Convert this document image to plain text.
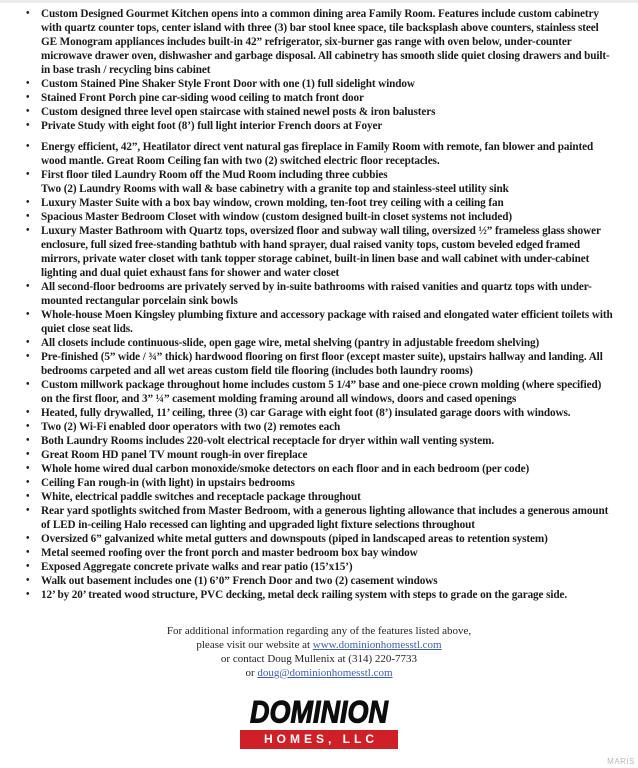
•	Custom Designed Gourmet Kitchen opens into a common dining area Family Room. Features include custom cabinetry with quartz counter tops, center island with three (3) bar stool knee space, tile backsplash above counters, stainless steel GE Monogram appliances includes built-in 42” refrigerator, six-burner gas range with oven below, under-counter microwave drawer oven, dishwasher and garbage disposal. All cabinetry has smooth slide quiet closing drawers and built-in base trash / recycling bins cabinet
•	Custom Stained Pine Shaker Style Front Door with one (1) full sidelight window
•	Stained Front Porch pine car-siding wood ceiling to match front door
•	Custom designed three level open staircase with stained newel posts & iron balusters
•	Private Study with eight foot (8’) full light interior French doors at Foyer
•	Energy efficient, 42”, Heatilator direct vent natural gas fireplace in Family Room with remote, fan blower and painted wood mantle. Great Room Ceiling fan with two (2) switched electric floor receptacles.
•	First floor tiled Laundry Room off the Mud Room including three cubbies
Two (2) Laundry Rooms with wall & base cabinetry with a granite top and stainless-steel utility sink
•	Luxury Master Suite with a box bay window, crown molding, ten-foot trey ceiling with a ceiling fan
•	Spacious Master Bedroom Closet with window (custom designed built-in closet systems not included)
•	Luxury Master Bathroom with Quartz tops, oversized floor and subway wall tiling, oversized ½” frameless glass shower enclosure, full sized free-standing bathtub with hand sprayer, dual raised vanity tops, custom beveled edged framed mirrors, private water closet with tank topper storage cabinet, built-in linen base and wall cabinet with under-cabinet lighting and dual quiet exhaust fans for shower and water closet
•	All second-floor bedrooms are privately served by in-suite bathrooms with raised vanities and quartz tops with under-mounted rectangular porcelain sink bowls
•	Whole-house Moen Kingsley plumbing fixture and accessory package with raised and elongated water efficient toilets with quiet close seat lids.
•	All closets include continuous-slide, open gage wire, metal shelving (pantry in adjustable freedom shelving)
•	Pre-finished (5” wide / ¾” thick) hardwood flooring on first floor (except master suite), upstairs hallway and landing. All bedrooms carpeted and all wet areas custom field tile flooring (includes both laundry rooms)
•	Custom millwork package throughout home includes custom 5 1/4” base and one-piece crown molding (where specified) on the first floor, and 3” ¼” casement molding framing around all windows, doors and cased openings
•	Heated, fully drywalled, 11’ ceiling, three (3) car Garage with eight foot (8’) insulated garage doors with windows.
•	Two (2) Wi-Fi enabled door operators with two (2) remotes each
•	Both Laundry Rooms includes 220-volt electrical receptacle for dryer within wall venting system.
•	Great Room HD panel TV mount rough-in over fireplace
•	Whole home wired dual carbon monoxide/smoke detectors on each floor and in each bedroom (per code)
•	Ceiling Fan rough-in (with light) in upstairs bedrooms
•	White, electrical paddle switches and receptacle package throughout
•	Rear yard spotlights switched from Master Bedroom, with a generous lighting allowance that includes a generous amount of LED in-ceiling Halo recessed can lighting and upgraded light fixture selections throughout
•	Oversized 6” galvanized white metal gutters and downspouts (piped in landscaped areas to retention system)
•	Metal seemed roofing over the front porch and master bedroom box bay window
•	Exposed Aggregate concrete private walks and rear patio (15’x15’)
•	Walk out basement includes one (1) 6’0” French Door and two (2) casement windows
•	12’ by 20’ treated wood structure, PVC decking, metal deck railing system with steps to grade on the garage side.
For additional information regarding any of the features listed above,
please visit our website at www.dominionhomesstl.com
or contact Doug Mullenix at (314) 220-7733
or doug@dominionhomesstl.com
DOMINION
HOMES, LLC
MARIS
